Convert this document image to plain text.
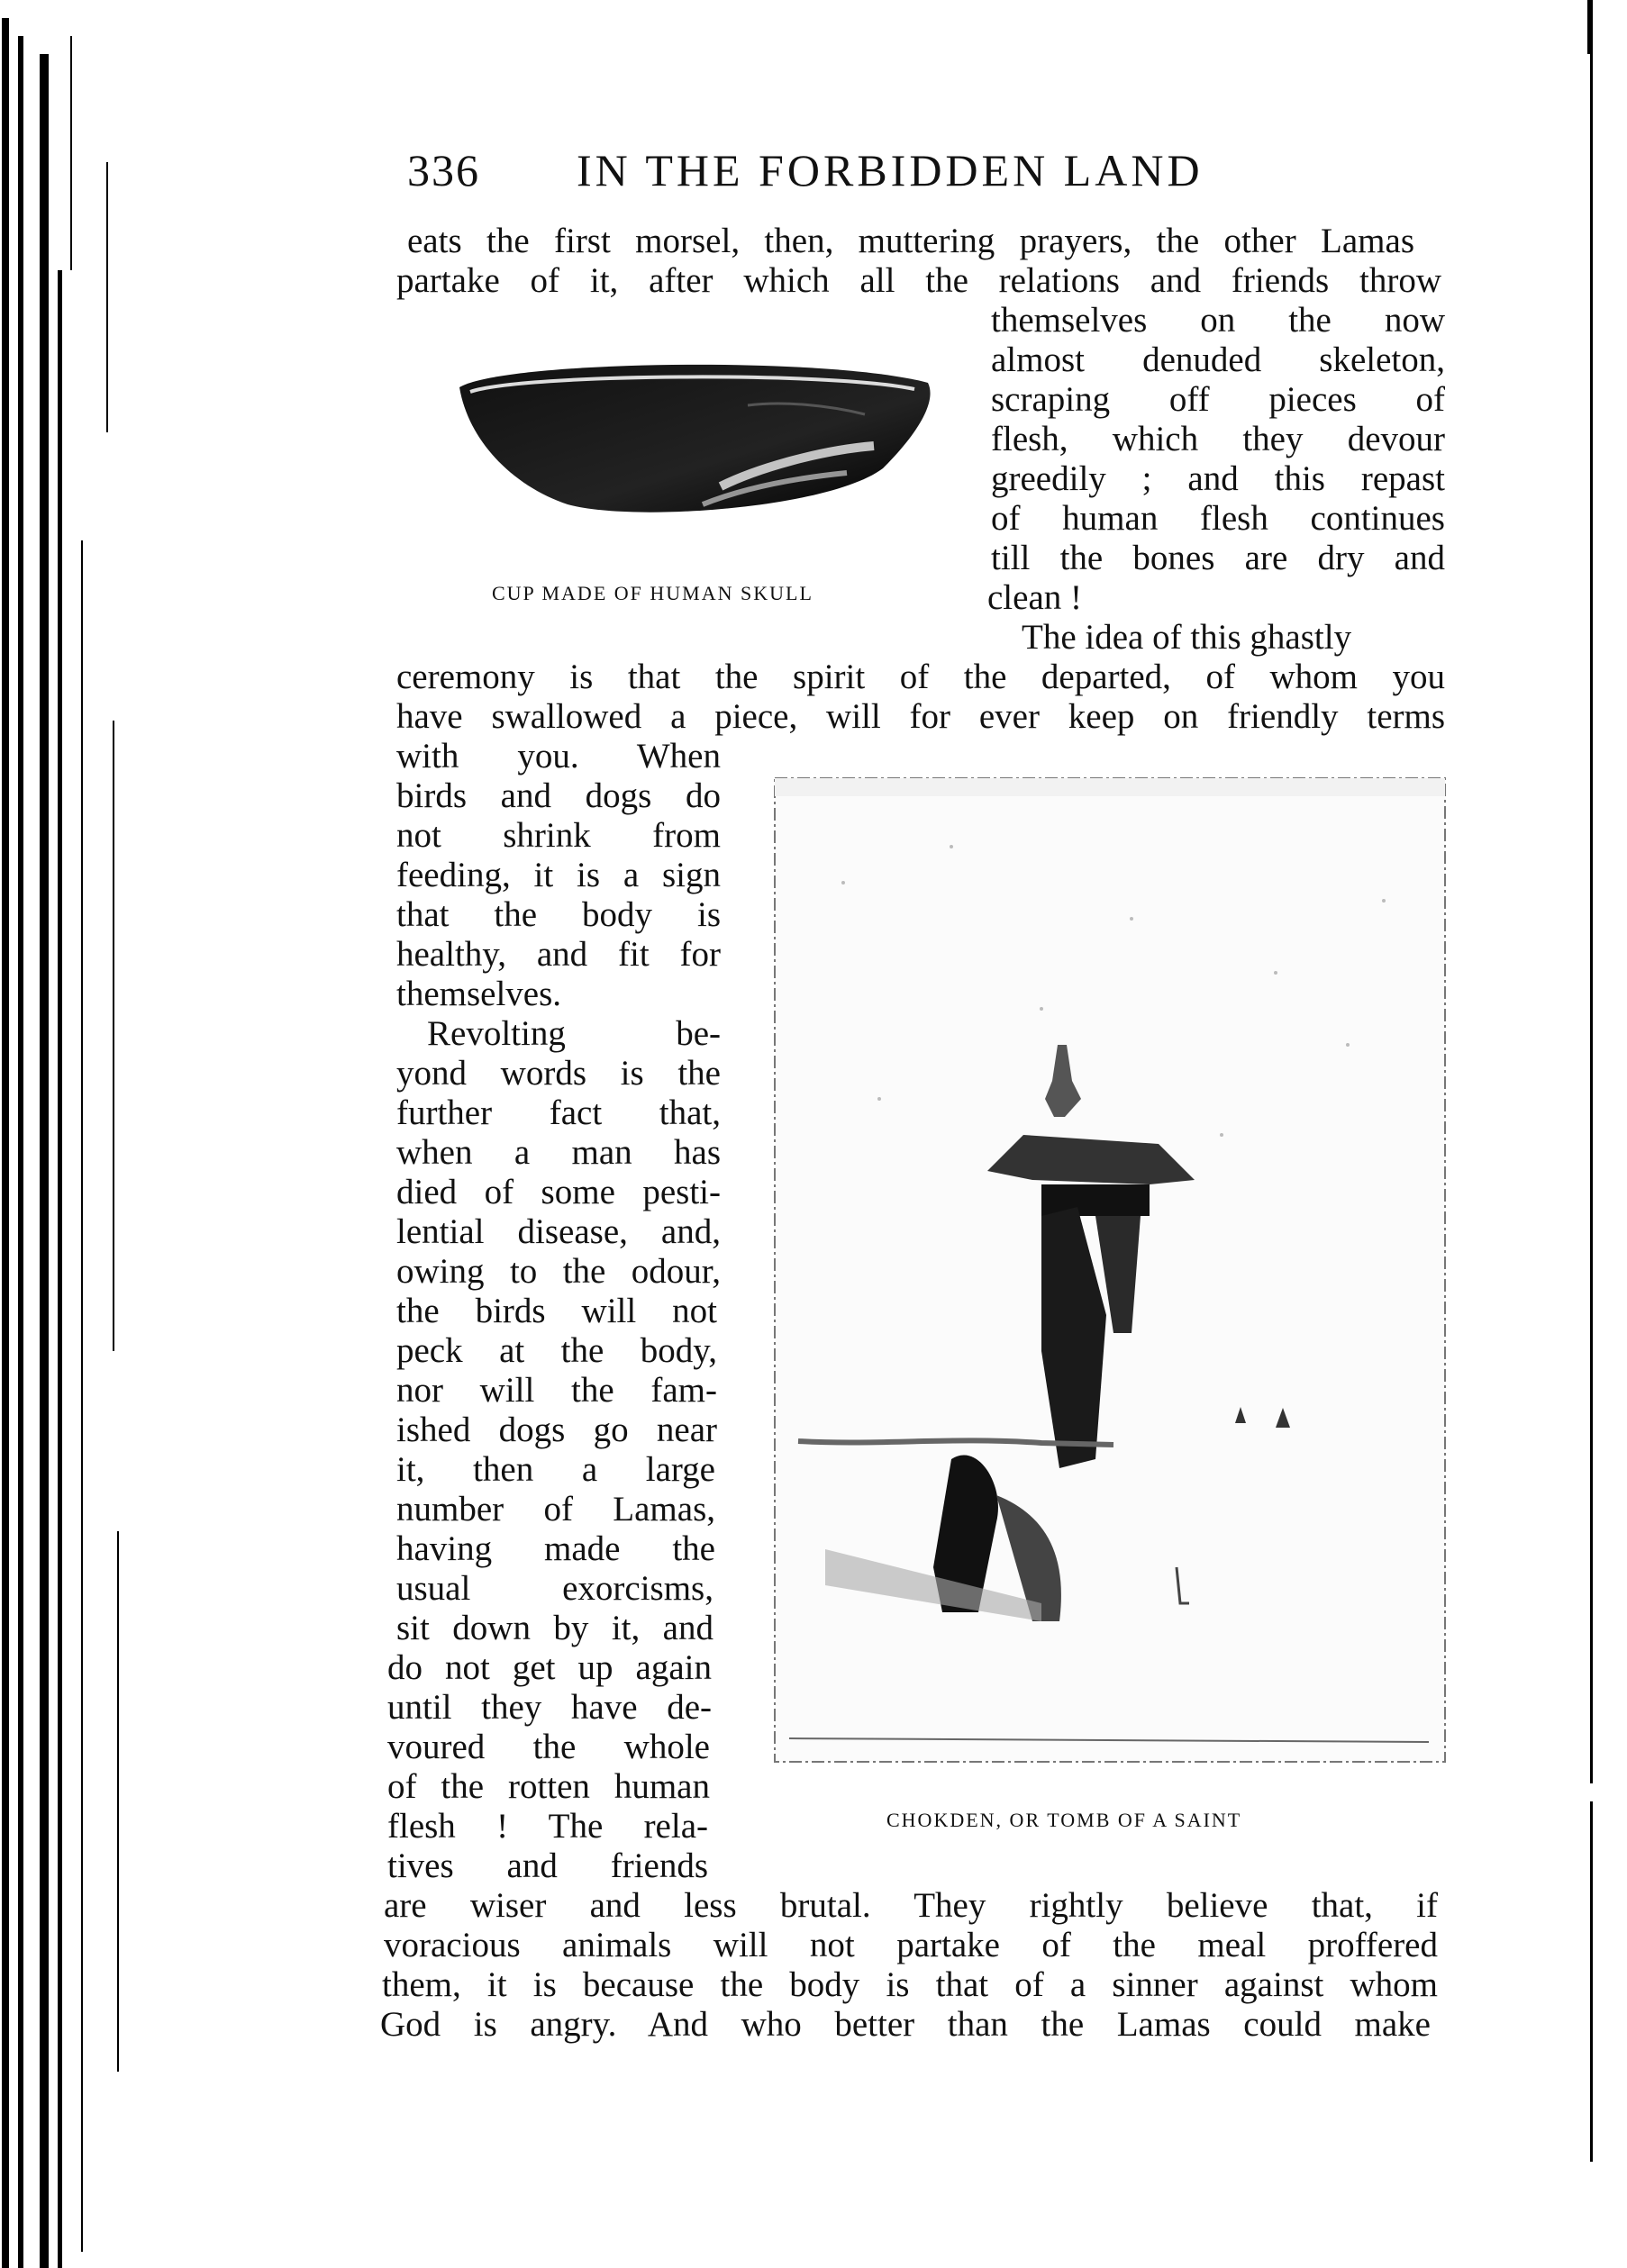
336 IN THE FORBIDDEN LAND
eats the first morsel, then, muttering prayers, the other Lamas
partake of it, after which all the relations and friends throw
themselves on the now
almost denuded skeleton,
scraping off pieces of
flesh, which they devour
greedily ; and this repast
of human flesh continues
till the bones are dry and
clean !
CUP MADE OF HUMAN SKULL
The idea of this ghastly
ceremony is that the spirit of the departed, of whom you
have swallowed a piece, will for ever keep on friendly terms
with you. When
birds and dogs do
not shrink from
feeding, it is a sign
that the body is
healthy, and fit for
themselves.
Revolting be-
yond words is the
further fact that,
when a man has
died of some pesti-
lential disease, and,
owing to the odour,
the birds will not
peck at the body,
nor will the fam-
ished dogs go near
it, then a large
number of Lamas,
having made the
usual exorcisms,
sit down by it, and
do not get up again
until they have de-
voured the whole
of the rotten human
flesh ! The rela-
tives and friends
CHOKDEN, OR TOMB OF A SAINT
are wiser and less brutal. They rightly believe that, if
voracious animals will not partake of the meal proffered
them, it is because the body is that of a sinner against whom
God is angry. And who better than the Lamas could make
